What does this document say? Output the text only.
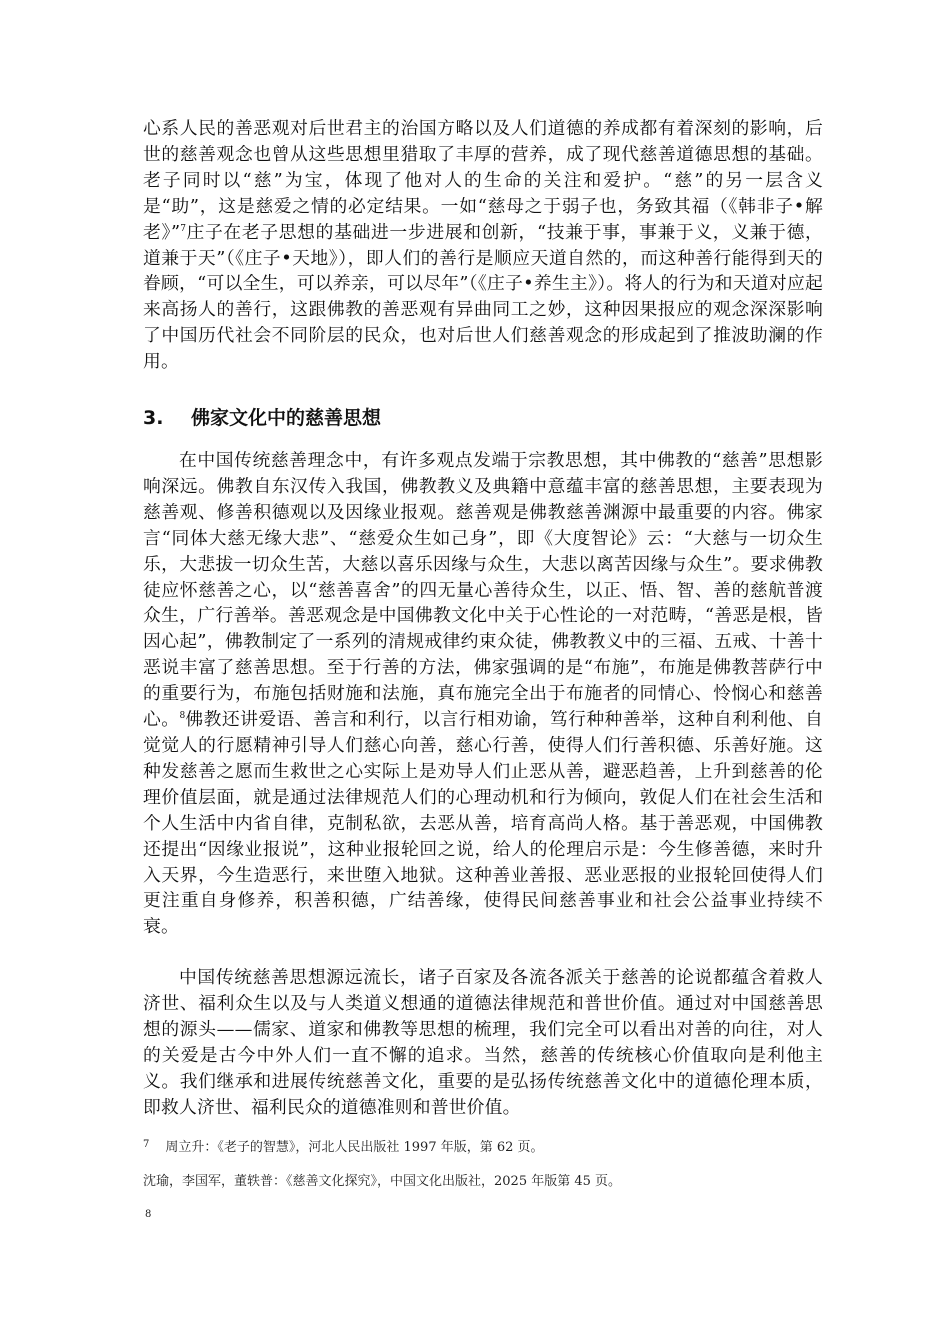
心系人民的善恶观对后世君主的治国方略以及人们道德的养成都有着深刻的影响，后世的慈善观念也曾从这些思想里猎取了丰厚的营养，成了现代慈善道德思想的基础。老子同时以“慈”为宝，体现了他对人的生命的关注和爱护。“慈”的另一层含义是“助”，这是慈爱之情的必定结果。一如“慈母之于弱子也，务致其福（《韩非子•解老》”$^7$庄子在老子思想的基础进一步进展和创新，“技兼于事，事兼于义，义兼于德，道兼于天”（《庄子•天地》），即人们的善行是顺应天道自然的，而这种善行能得到天的眷顾，“可以全生，可以养亲，可以尽年”（《庄子•养生主》）。将人的行为和天道对应起来高扬人的善行，这跟佛教的善恶观有异曲同工之妙，这种因果报应的观念深深影响了中国历代社会不同阶层的民众，也对后世人们慈善观念的形成起到了推波助澜的作用。

3. 佛家文化中的慈善思想

在中国传统慈善理念中，有许多观点发端于宗教思想，其中佛教的“慈善”思想影响深远。佛教自东汉传入我国，佛教教义及典籍中意蕴丰富的慈善思想，主要表现为慈善观、修善积德观以及因缘业报观。慈善观是佛教慈善渊源中最重要的内容。佛家言“同体大慈无缘大悲”、“慈爱众生如己身”，即《大度智论》云：“大慈与一切众生乐，大悲拔一切众生苦，大慈以喜乐因缘与众生，大悲以离苦因缘与众生”。要求佛教徒应怀慈善之心，以“慈善喜舍”的四无量心善待众生，以正、悟、智、善的慈航普渡众生，广行善举。善恶观念是中国佛教文化中关于心性论的一对范畴，“善恶是根，皆因心起”，佛教制定了一系列的清规戒律约束众徒，佛教教义中的三福、五戒、十善十恶说丰富了慈善思想。至于行善的方法，佛家强调的是“布施”，布施是佛教菩萨行中的重要行为，布施包括财施和法施，真布施完全出于布施者的同情心、怜悯心和慈善心。$^8$佛教还讲爱语、善言和利行，以言行相劝谕，笃行种种善举，这种自利利他、自觉觉人的行愿精神引导人们慈心向善，慈心行善，使得人们行善积德、乐善好施。这种发慈善之愿而生救世之心实际上是劝导人们止恶从善，避恶趋善，上升到慈善的伦理价值层面，就是通过法律规范人们的心理动机和行为倾向，敦促人们在社会生活和个人生活中内省自律，克制私欲，去恶从善，培育高尚人格。基于善恶观，中国佛教还提出“因缘业报说”，这种业报轮回之说，给人的伦理启示是：今生修善德，来时升入天界，今生造恶行，来世堕入地狱。这种善业善报、恶业恶报的业报轮回使得人们更注重自身修养，积善积德，广结善缘，使得民间慈善事业和社会公益事业持续不衰。

中国传统慈善思想源远流长，诸子百家及各流各派关于慈善的论说都蕴含着救人济世、福利众生以及与人类道义想通的道德法律规范和普世价值。通过对中国慈善思想的源头——儒家、道家和佛教等思想的梳理，我们完全可以看出对善的向往，对人的关爱是古今中外人们一直不懈的追求。当然，慈善的传统核心价值取向是利他主义。我们继承和进展传统慈善文化，重要的是弘扬传统慈善文化中的道德伦理本质，即救人济世、福利民众的道德准则和普世价值。

$^7$ 周立升：《老子的智慧》，河北人民出版社 1997 年版，第 62 页。

沈瑜，李国军，董轶普：《慈善文化探究》，中国文化出版社，2025 年版第 45 页。

8
